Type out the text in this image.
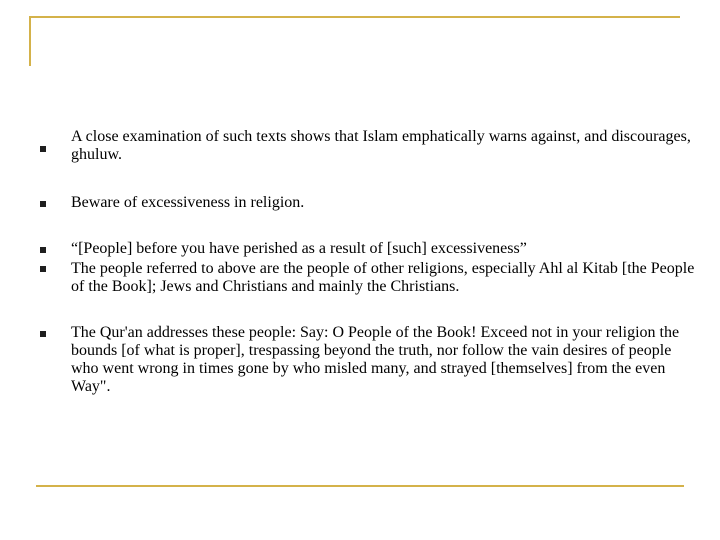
A close examination of such texts shows that Islam emphatically warns against, and discourages, ghuluw.
Beware of excessiveness in religion.
“[People] before you have perished as a result of [such] excessiveness”
The people referred to above are the people of other religions, especially Ahl al Kitab [the People of the Book]; Jews and Christians and mainly the Christians.
The Qur'an addresses these people: Say: O People of the Book! Exceed not in your religion the bounds [of what is proper], trespassing beyond the truth, nor follow the vain desires of people who went wrong in times gone by who misled many, and strayed [themselves] from the even Way".
